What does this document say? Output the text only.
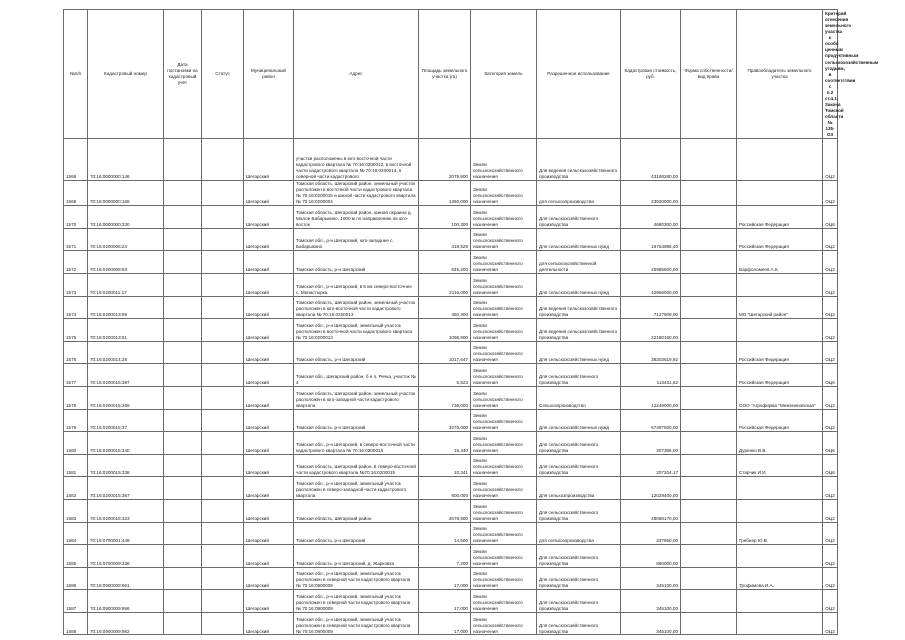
№п/п	Кадастровый номер	Дата постановки на кадастровый учёт	Статус	Муниципальный район	Адрес	Площадь земельного участка (га)	Категория земель	Разрешенное использование	Кадастровая стоимость, руб.	Форма собственности/вид права	Правообладатель земельного участка	Критерий отнесения земельного участка к особо ценным продуктивным сельскохозяйственным угодьям, в соответствии с п.2 ст.4.1 Закона Томской области № 135-ОЗ
1568	70:16:0000000:146			Шегарский	участки расположены в юго-восточной части кадастрового квартала № 70:16:0200012, в восточной части кадастрового квартала № 70:16:0200014, в северной части кадастрового	2079,900	Земли сельскохозяйственного назначения	Для ведения сельскохозяйственного производства	43188280,00			ОЦ2
1569	70:16:0000000:169			Шегарский	Томская область, Шегарский район, земельный участок расположен в восточной части кадастрового квартала № 70:16:0200015 и южной части кадастрового квартала № 70:16:0200004	1360,000	Земли сельскохозяйственного назначения	для сельхозпроизводства	23920000,00			ОЦ2
1570	70:16:0000000:330			Шегарский	Томская область, Шегарский район, южная окраина д. Малое Бабарыкино, 1000 м по направлению на юго-восток	100,300	Земли сельскохозяйственного назначения	Для сельскохозяйственного производства	4680300,00		Российская Федерация	ОЦ6
1571	70:16:0200006:24			Шегарский	Томская обл., р-н Шегарский, юго-западнее с. Бабарыкино	418,529	Земли сельскохозяйственного назначения	Для сельскохозяйственных нужд	16754986,40		Российская Федерация	ОЦ2
1572	70:16:0200008:83			Шегарский	Томская область, р-н Шегарский	845,200	Земли сельскохозяйственного назначения	для сельскохозяйственной деятельности	25985500,00		Варфоломеев А.К.	ОЦ2
1573	70:16:0200011:17			Шегарский	Томская обл., р-н Шегарский, в 5 км северо-восточнее с. Монастырка	2116,000	Земли сельскохозяйственного назначения	Для сельскохозяйственных нужд	42956000,00			ОЦ2
1574	70:16:0200013:99			Шегарский	Томская область, Шегарский район, земельный участок расположен в юго-восточной части кадастрового квартала № 70:16:0200013	350,300	Земли сельскохозяйственного назначения	Для ведения сельскохозяйственного производства	7127509,00		МО "Шегарский район"	ОЦ2
1575	70:16:0200013:81			Шегарский	Томская обл., р-н Шегарский, земельный участок расположен в восточной части кадастрового квартала № 70:16:0200013	1096,900	Земли сельскохозяйственного назначения	Для ведения сельскохозяйственного производства	22180160,00			ОЦ2
1576	70:16:0200014:28			Шегарский	Томская область, р-н Шегарский	1017,647	Земли сельскохозяйственного назначения	Для сельскохозяйственных нужд	36303619,92		Российская Федерация	ОЦ2
1577	70:16:0200015:387			Шегарский	Томская обл., Шегарский район, б н п. Речка, участок № 4	5,523	Земли сельскохозяйственного назначения	Для сельскохозяйственного производства	113431,62		Российская Федерация	ОЦ6
1578	70:16:0200015:269			Шегарский	Томская область, Шегарский район, земельный участок расположен в юго-западной части кадастрового квартала	736,000	Земли сельскохозяйственного назначения	Сельхозпроизводство	12249000,00		ООО "Агрофирма "Межениновская"	ОЦ2
1579	70:16:0200015:37			Шегарский	Томская область, р-н Шегарский	3275,000	Земли сельскохозяйственного назначения	Для сельскохозяйственных нужд	67497500,00		Российская Федерация	ОЦ2
1580	70:16:0200015:340			Шегарский	Томская обл., р-н Шегарский, в северо-восточной части кадастрового квартала № 70:16:0200015	15,340	Земли сельскохозяйственного назначения	Для сельскохозяйственного производства	307366,00		Дуренко В.В.	ОЦ6
1581	70:16:0200015:338			Шегарский	Томская область, Шегарский район, в северо-восточной части кадастрового квартала №70:16:0200015	10,341	Земли сельскохозяйственного назначения	Для сельскохозяйственного производства	207204,17		Старчик И.И.	ОЦ6
1582	70:16:0200015:367			Шегарский	Томская обл., р-н Шегарский, земельный участок расположен в северо-западной части кадастрового квартала	600,000	Земли сельскохозяйственного назначения	Для сельхозпроизводства	12029400,00			ОЦ2
1583	70:16:0200015:323			Шегарский	Томская область, Шегарский район	2678,900	Земли сельскохозяйственного назначения	Для сельскохозяйственного производства	48088170,00			ОЦ2
1584	70:16:0700001:449			Шегарский	Томская область, р-н Шегарский	14,500	Земли сельскохозяйственного назначения	для сельхозпроизводства	337850,00		Гребнер Ю.В.	ОЦ2
1585	70:16:0700009:338			Шегарский	Томская область, р-н Шегарский, д. Жарковка	7,200	Земли сельскохозяйственного назначения	Для сельскохозяйственного производства	860000,00			ОЦ2
1586	70:16:0900009:961			Шегарский	Томская обл., р-н Шегарский, земельный участок расположен в северной части кадастрового квартала № 70:16:0900009	17,000	Земли сельскохозяйственного назначения	Для сельскохозяйственного производства	345100,00		Трофимова И.А.	ОЦ2
1587	70:16:0900009:956			Шегарский	Томская обл., р-н Шегарский, земельный участок расположен в северной части кадастрового квартала № 70:16:0900009	17,000	Земли сельскохозяйственного назначения	Для сельскохозяйственного производства	345100,00			ОЦ2
1588	70:16:0900009:962			Шегарский	Томская обл., р-н Шегарский, земельный участок расположен в северной части кадастрового квартала № 70:16:0900009	17,000	Земли сельскохозяйственного назначения	Для сельскохозяйственного производства	345100,00			ОЦ2
